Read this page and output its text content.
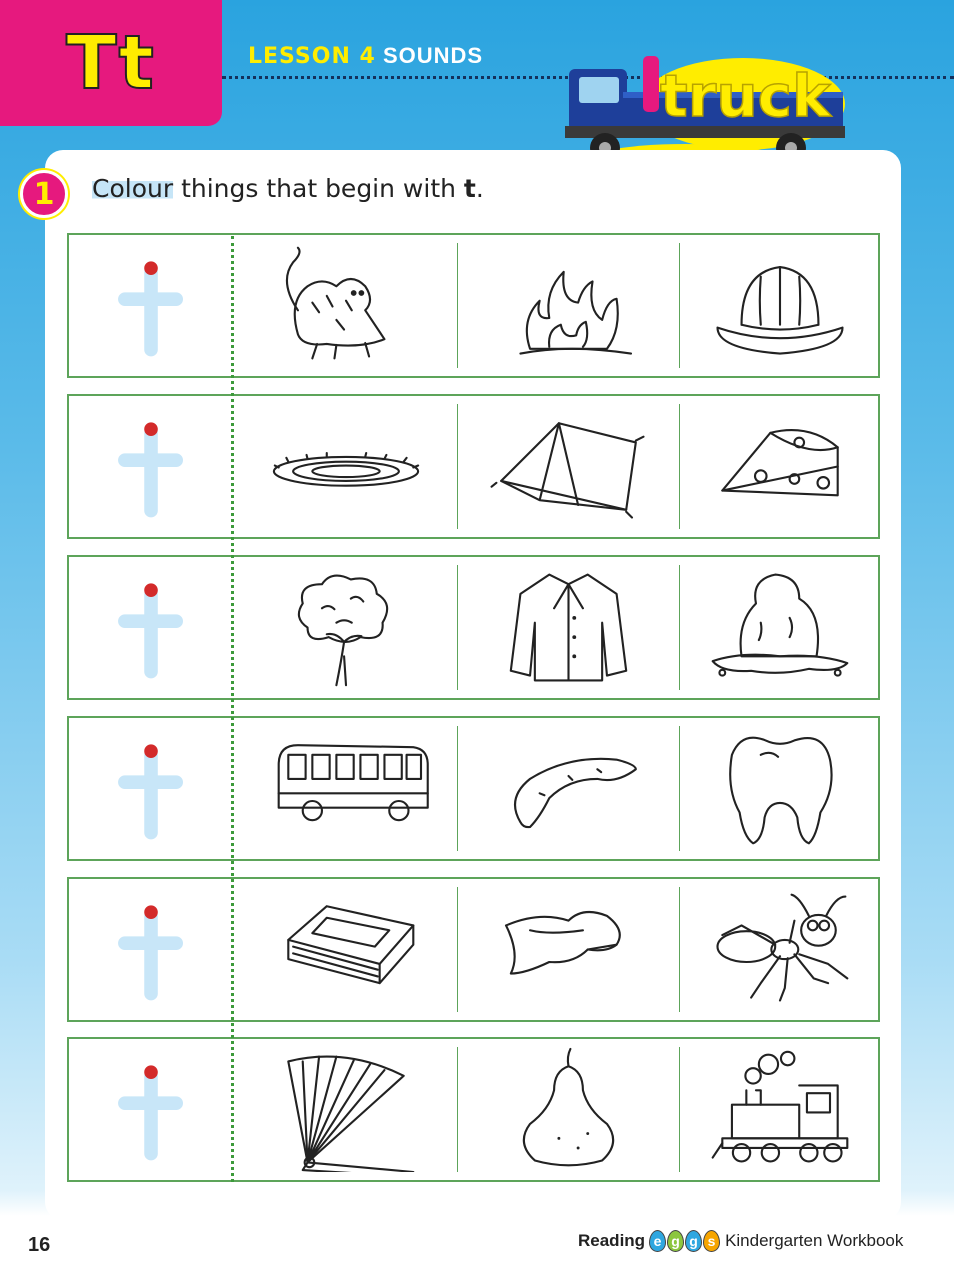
Tt	LESSON 4 SOUNDS
truck
1	Colour things that begin with t.
16	Reading e g g s Kindergarten Workbook
